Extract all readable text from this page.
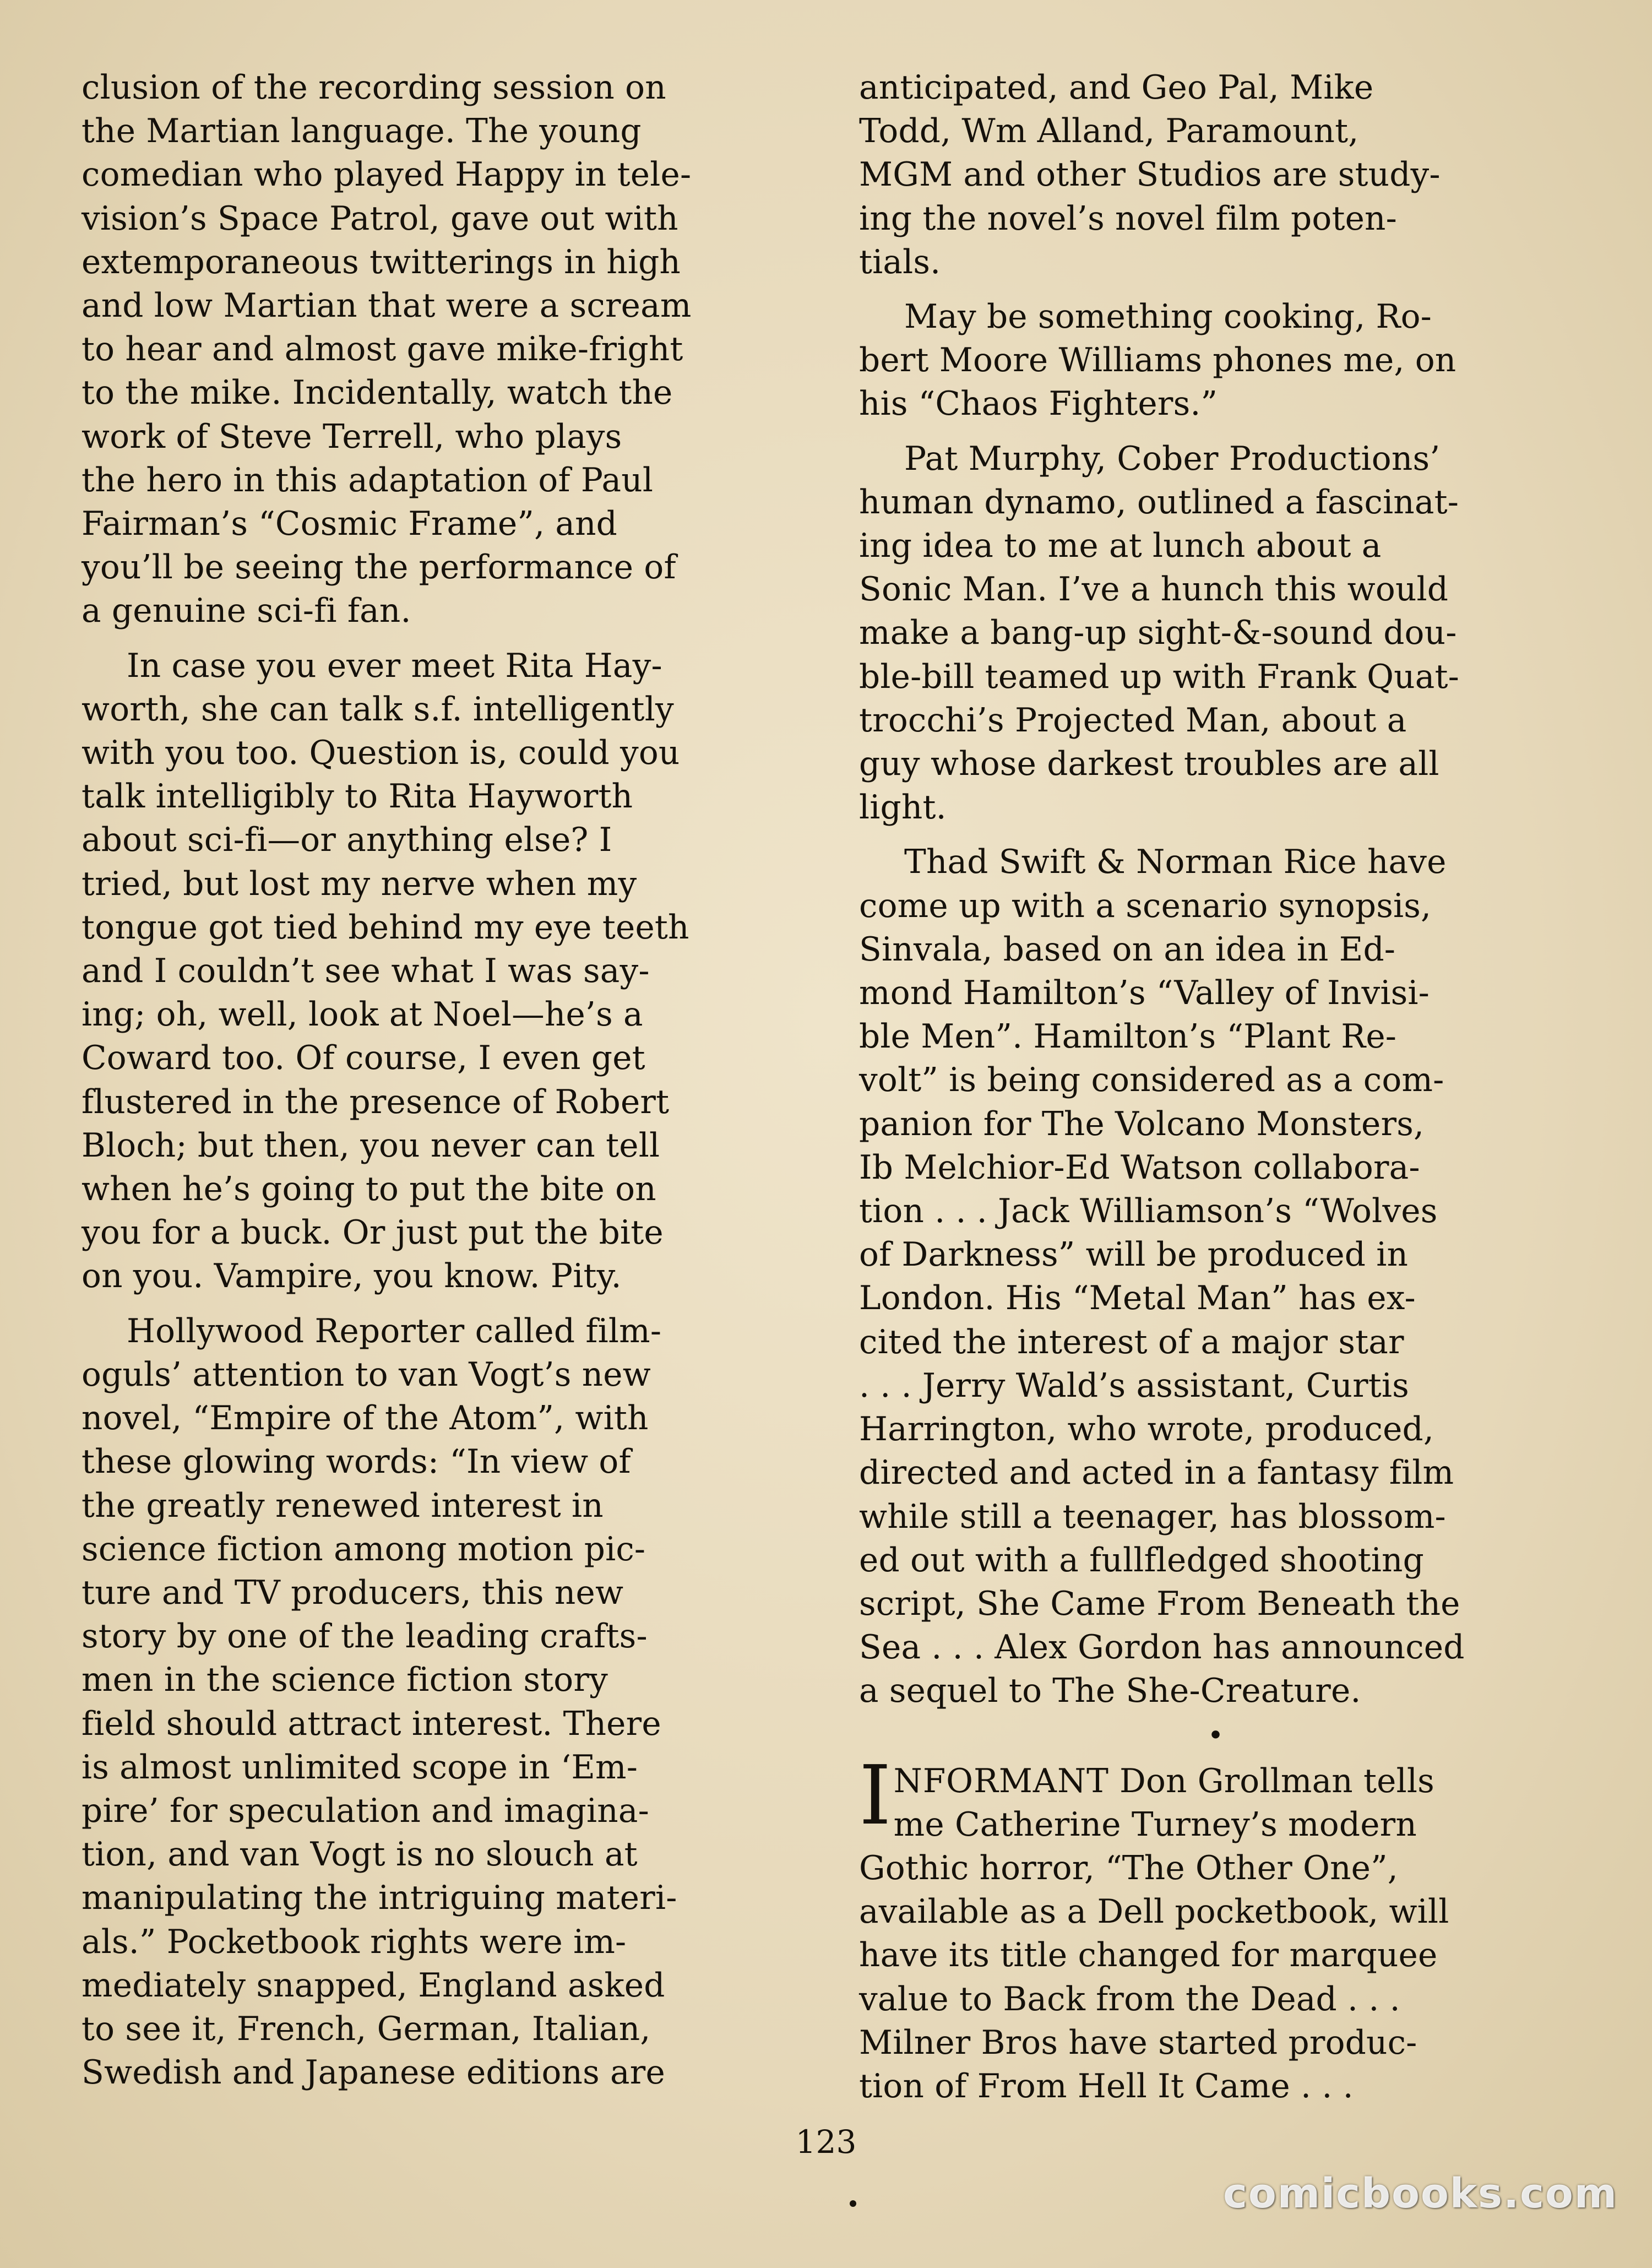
clusion of the recording session on
the Martian language. The young
comedian who played Happy in tele-
vision’s Space Patrol, gave out with
extemporaneous twitterings in high
and low Martian that were a scream
to hear and almost gave mike-fright
to the mike. Incidentally, watch the
work of Steve Terrell, who plays
the hero in this adaptation of Paul
Fairman’s “Cosmic Frame”, and
you’ll be seeing the performance of
a genuine sci-fi fan.

In case you ever meet Rita Hay-
worth, she can talk s.f. intelligently
with you too. Question is, could you
talk intelligibly to Rita Hayworth
about sci-fi—or anything else? I
tried, but lost my nerve when my
tongue got tied behind my eye teeth
and I couldn’t see what I was say-
ing; oh, well, look at Noel—he’s a
Coward too. Of course, I even get
flustered in the presence of Robert
Bloch; but then, you never can tell
when he’s going to put the bite on
you for a buck. Or just put the bite
on you. Vampire, you know. Pity.

Hollywood Reporter called film-
oguls’ attention to van Vogt’s new
novel, “Empire of the Atom”, with
these glowing words: “In view of
the greatly renewed interest in
science fiction among motion pic-
ture and TV producers, this new
story by one of the leading crafts-
men in the science fiction story
field should attract interest. There
is almost unlimited scope in ‘Em-
pire’ for speculation and imagina-
tion, and van Vogt is no slouch at
manipulating the intriguing materi-
als.” Pocketbook rights were im-
mediately snapped, England asked
to see it, French, German, Italian,
Swedish and Japanese editions are

anticipated, and Geo Pal, Mike
Todd, Wm Alland, Paramount,
MGM and other Studios are study-
ing the novel’s novel film poten-
tials.

May be something cooking, Ro-
bert Moore Williams phones me, on
his “Chaos Fighters.”

Pat Murphy, Cober Productions’
human dynamo, outlined a fascinat-
ing idea to me at lunch about a
Sonic Man. I’ve a hunch this would
make a bang-up sight-&-sound dou-
ble-bill teamed up with Frank Quat-
trocchi’s Projected Man, about a
guy whose darkest troubles are all
light.

Thad Swift & Norman Rice have
come up with a scenario synopsis,
Sinvala, based on an idea in Ed-
mond Hamilton’s “Valley of Invisi-
ble Men”. Hamilton’s “Plant Re-
volt” is being considered as a com-
panion for The Volcano Monsters,
Ib Melchior-Ed Watson collabora-
tion . . . Jack Williamson’s “Wolves
of Darkness” will be produced in
London. His “Metal Man” has ex-
cited the interest of a major star
. . . Jerry Wald’s assistant, Curtis
Harrington, who wrote, produced,
directed and acted in a fantasy film
while still a teenager, has blossom-
ed out with a fullfledged shooting
script, She Came From Beneath the
Sea . . . Alex Gordon has announced
a sequel to The She-Creature.

•

INFORMANT Don Grollman tells
me Catherine Turney’s modern
Gothic horror, “The Other One”,
available as a Dell pocketbook, will
have its title changed for marquee
value to Back from the Dead . . .
Milner Bros have started produc-
tion of From Hell It Came . . .

123
comicbooks.com
